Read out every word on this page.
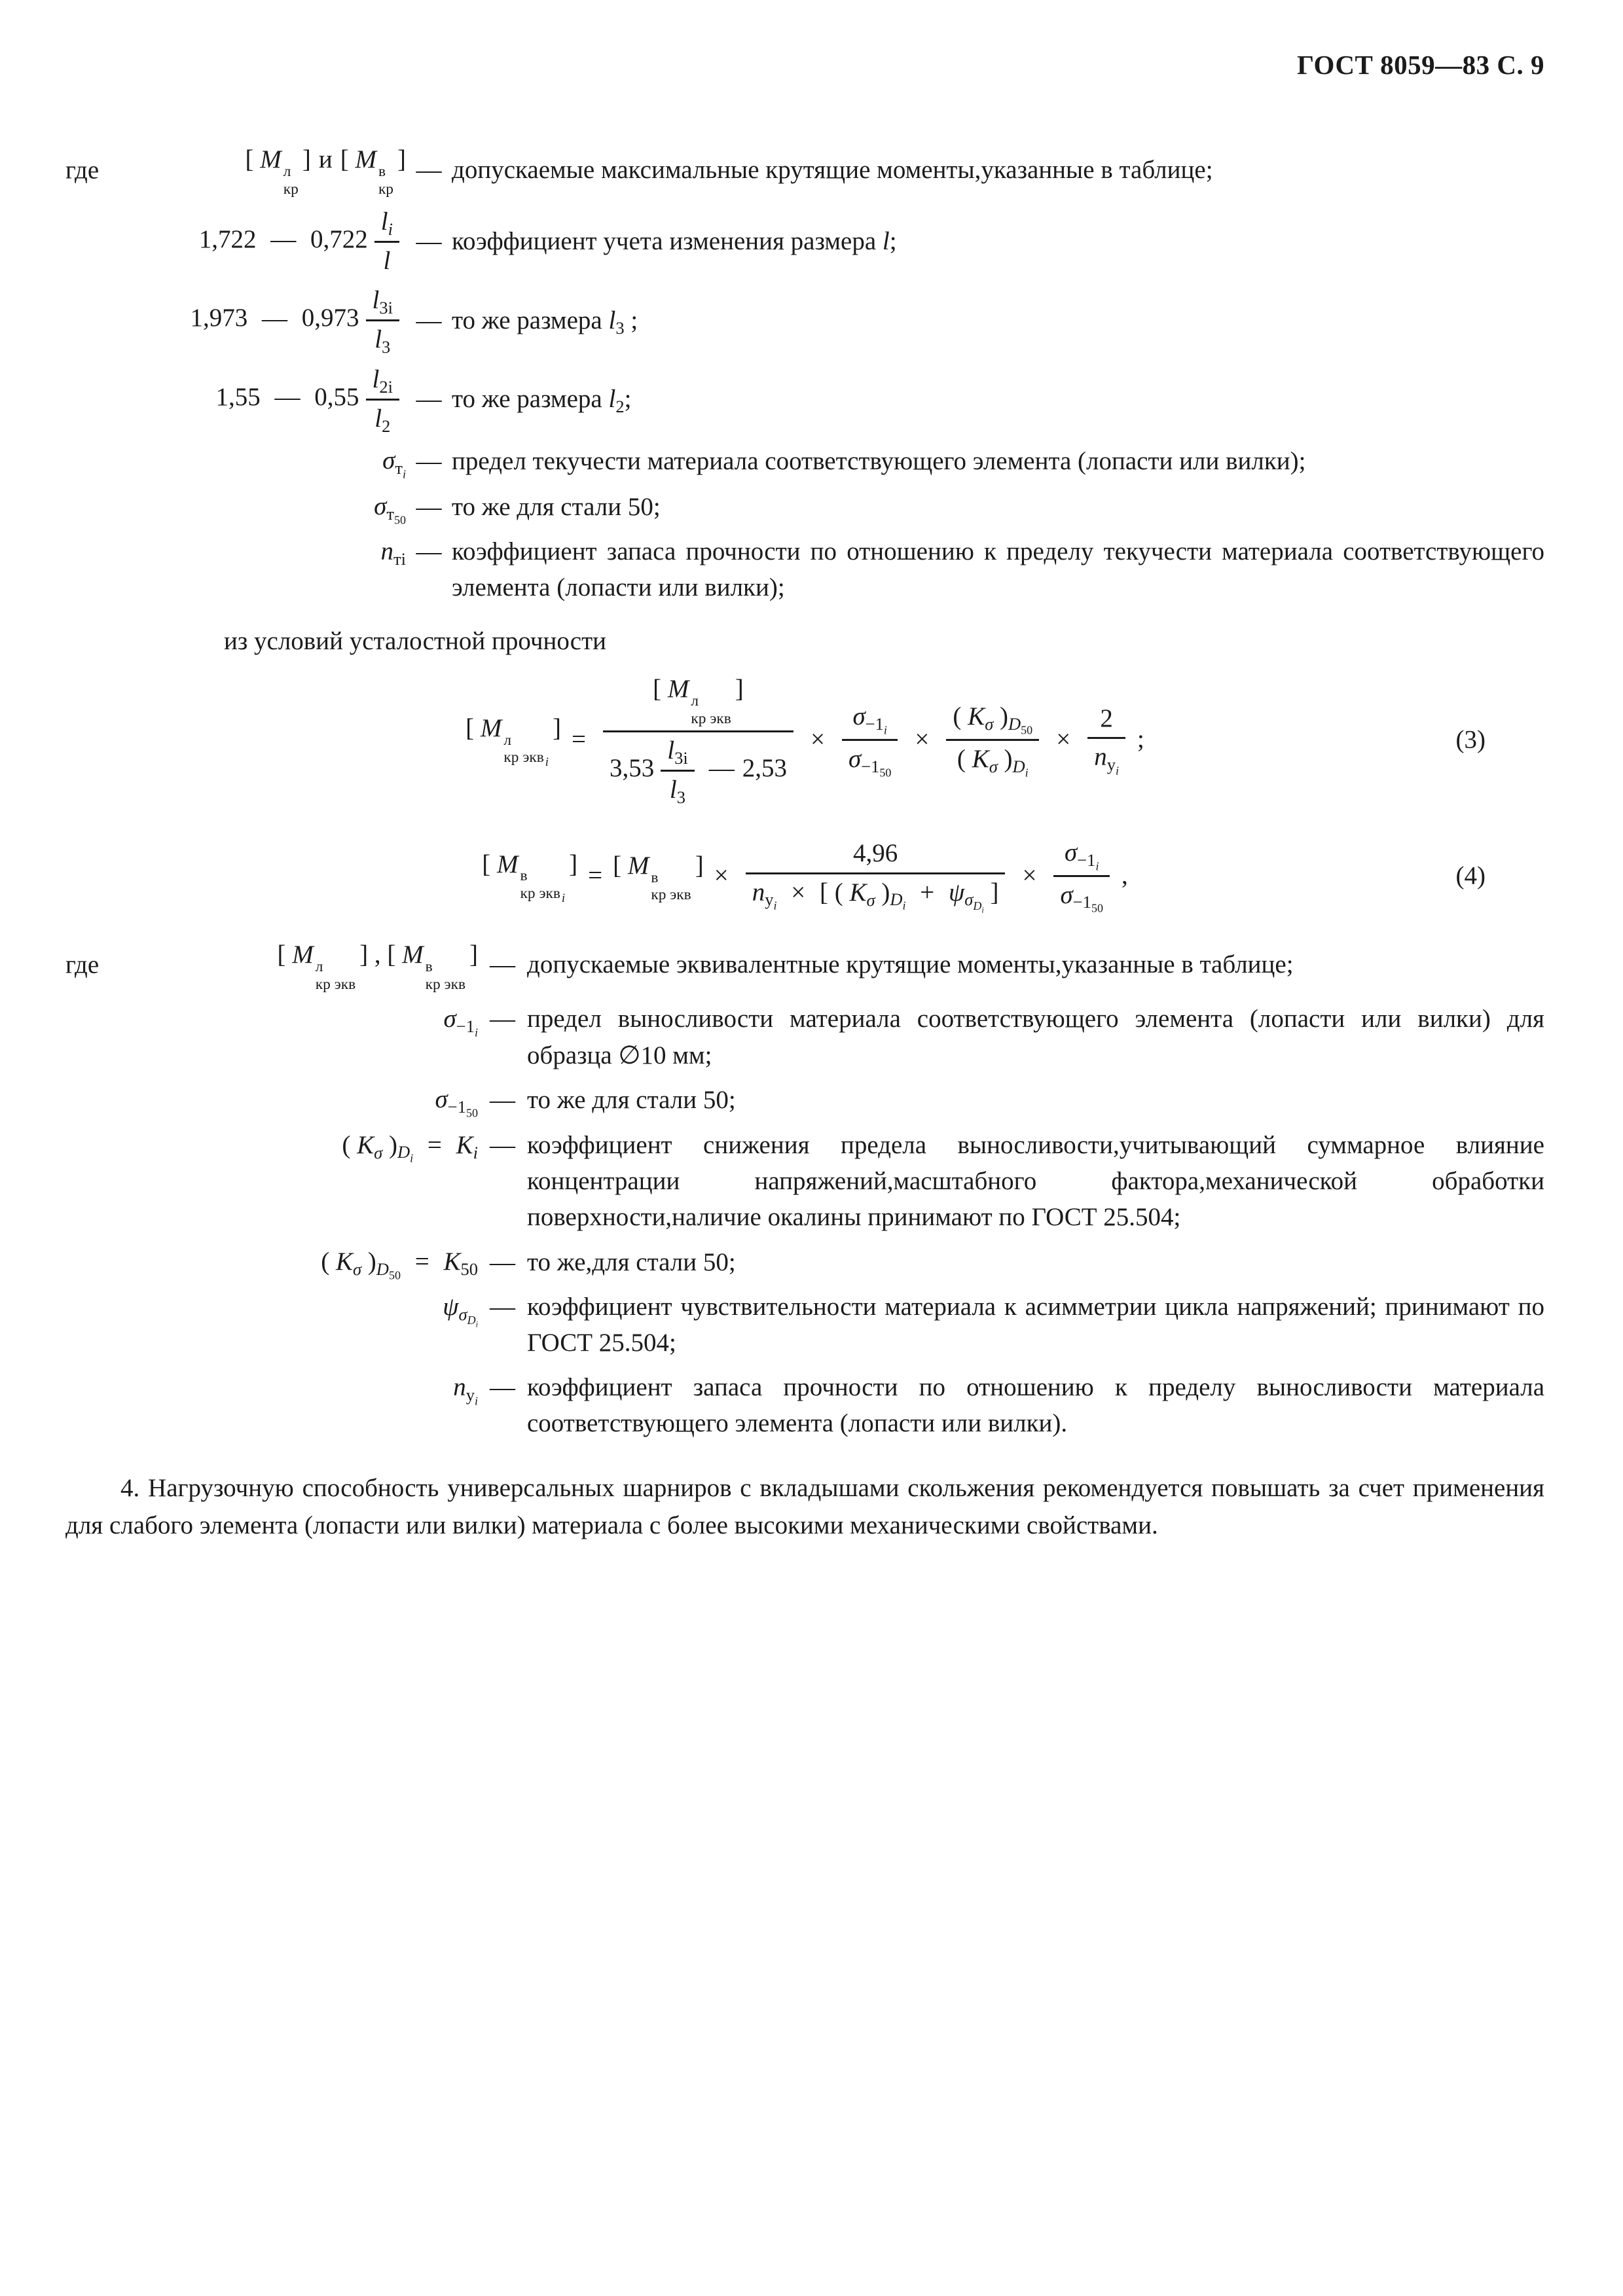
ГОСТ 8059—83 С. 9
где	[ М л
кр
] и [ М в
кр
] — допускаемые максимальные крутящие моменты,указанные в таблице;
1,722 — $0,722 \frac{l_i}{l}$ — коэффициент учета изменения размера l;
1,973 — $0,973 \frac{l_{3i}}{l_3}$ — то же размера $l_3$ ;
1,55 — $0,55 \frac{l_{2i}}{l_2}$ — то же размера $l_2$;
$\sigma_{т_i}$ — предел текучести материала соответствующего элемента (лопасти или вилки);
$\sigma_{т_{50}}$ — то же для стали 50;
$n_{тi}$ — коэффициент запаса прочности по отношению к пределу текучести материала соответствующего элемента (лопасти или вилки);
из условий усталостной прочности
[ М л
кр экв $_i$
] = [ М л
кр экв
]
$3,53 \frac{l_{3i}}{l_3}$ — $2,53 \times \frac{\sigma_{-1_i}}{\sigma_{-1_{50}}} \times \frac{( K_\sigma )_{D_{50}}}{( K_\sigma )_{D_i}} \times \frac{2}{n_{у_i}}$ ;	(3)
[ М в
кр экв $_i$
] = [ М в
кр экв
] × $\frac{4,96}{n_{у_i} \times [ ( K_\sigma )_{D_i} + \psi_{\sigma_{D_i}} ]} \times \frac{\sigma_{-1_i}}{\sigma_{-1_{50}}}$ ,	(4)
где	[ М л
кр экв
] , [ М в
кр экв
] — допускаемые эквивалентные крутящие моменты,указанные в таблице;
$\sigma_{-1_i}$ — предел выносливости материала соответствующего элемента (лопасти или вилки) для образца ∅10 мм;
$\sigma_{-1_{50}}$ — то же для стали 50;
( $K_\sigma$ )$_{D_i} = K_i$ — коэффициент снижения предела выносливости,учитывающий суммарное влияние концентрации напряжений,масштабного фактора,механической обработки поверхности,наличие окалины принимают по ГОСТ 25.504;
( $K_\sigma$ )$_{D_{50}} = K_{50}$ — то же,для стали 50;
$\psi_{\sigma_{D_i}}$
— коэффициент чувствительности материала к асимметрии цикла напряжений; принимают по ГОСТ 25.504;
$n_{у_i}$ — коэффициент запаса прочности по отношению к пределу выносливости материала соответствующего элемента (лопасти или вилки).

4. Нагрузочную способность универсальных шарниров с вкладышами скольжения рекомендуется повышать за счет применения для слабого элемента (лопасти или вилки) материала с более высокими механическими свойствами.
